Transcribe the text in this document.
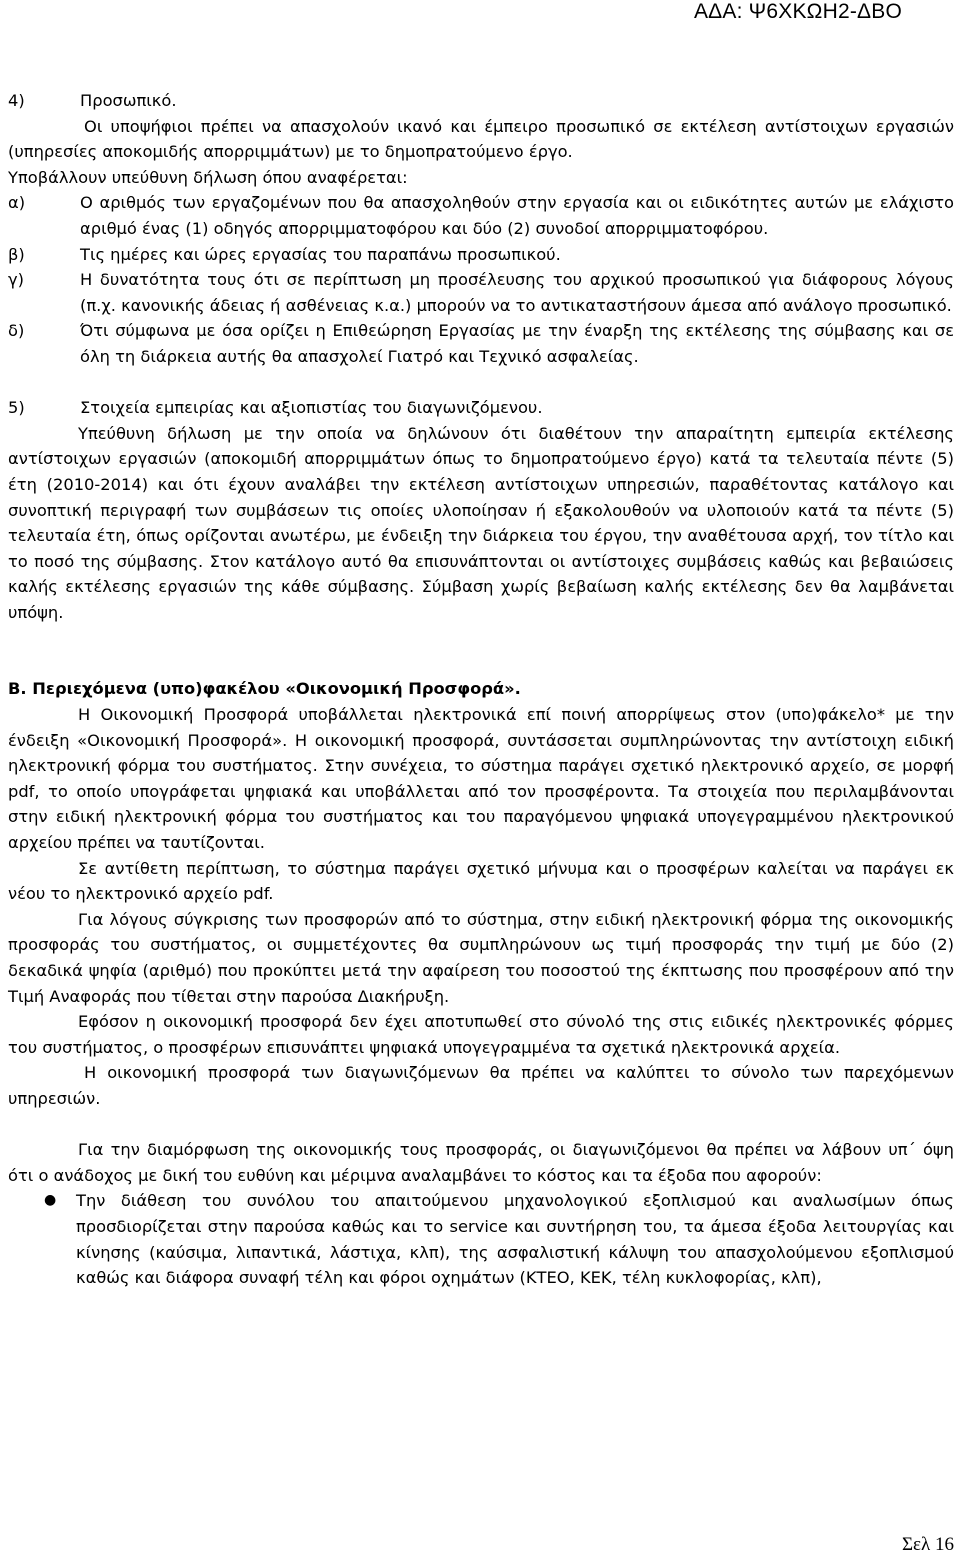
ΑΔΑ: Ψ6ΧΚΩΗ2-ΔΒΟ
4)	Προσωπικό.

Οι υποψήφιοι πρέπει να απασχολούν ικανό και έμπειρο προσωπικό σε εκτέλεση αντίστοιχων εργασιών (υπηρεσίες αποκομιδής απορριμμάτων) με το δημοπρατούμενο έργο.

Υποβάλλουν υπεύθυνη δήλωση όπου αναφέρεται:

α)	Ο αριθμός των εργαζομένων που θα απασχοληθούν στην εργασία και οι ειδικότητες αυτών με ελάχιστο αριθμό ένας (1) οδηγός απορριμματοφόρου και δύο (2) συνοδοί απορριμματοφόρου.
β)	Τις ημέρες και ώρες εργασίας του παραπάνω προσωπικού.
γ)	Η δυνατότητα τους ότι σε περίπτωση μη προσέλευσης του αρχικού προσωπικού για διάφορους λόγους (π.χ. κανονικής άδειας ή ασθένειας κ.α.) μπορούν να το αντικαταστήσουν άμεσα από ανάλογο προσωπικό.
δ)	Ότι σύμφωνα με όσα ορίζει η Επιθεώρηση Εργασίας με την έναρξη της εκτέλεσης της σύμβασης και σε όλη τη διάρκεια αυτής θα απασχολεί Γιατρό και Τεχνικό ασφαλείας.
5)	Στοιχεία εμπειρίας και αξιοπιστίας του διαγωνιζόμενου.

Υπεύθυνη δήλωση με την οποία να δηλώνουν ότι διαθέτουν την απαραίτητη εμπειρία εκτέλεσης αντίστοιχων εργασιών (αποκομιδή απορριμμάτων όπως το δημοπρατούμενο έργο) κατά τα τελευταία πέντε (5) έτη (2010-2014) και ότι έχουν αναλάβει την εκτέλεση αντίστοιχων υπηρεσιών, παραθέτοντας κατάλογο και συνοπτική περιγραφή των συμβάσεων τις οποίες υλοποίησαν ή εξακολουθούν να υλοποιούν κατά τα πέντε (5) τελευταία έτη, όπως ορίζονται ανωτέρω, με ένδειξη την διάρκεια του έργου, την αναθέτουσα αρχή, τον τίτλο και το ποσό της σύμβασης. Στον κατάλογο αυτό θα επισυνάπτονται οι αντίστοιχες συμβάσεις καθώς και βεβαιώσεις καλής εκτέλεσης εργασιών της κάθε σύμβασης. Σύμβαση χωρίς βεβαίωση καλής εκτέλεσης δεν θα λαμβάνεται υπόψη.

Β. Περιεχόμενα (υπο)φακέλου «Οικονομική Προσφορά».

Η Οικονομική Προσφορά υποβάλλεται ηλεκτρονικά επί ποινή απορρίψεως στον (υπο)φάκελο* με την ένδειξη «Οικονομική Προσφορά». Η οικονομική προσφορά, συντάσσεται συμπληρώνοντας την αντίστοιχη ειδική ηλεκτρονική φόρμα του συστήματος. Στην συνέχεια, το σύστημα παράγει σχετικό ηλεκτρονικό αρχείο, σε μορφή pdf, το οποίο υπογράφεται ψηφιακά και υποβάλλεται από τον προσφέροντα. Τα στοιχεία που περιλαμβάνονται στην ειδική ηλεκτρονική φόρμα του συστήματος και του παραγόμενου ψηφιακά υπογεγραμμένου ηλεκτρονικού αρχείου πρέπει να ταυτίζονται.

Σε αντίθετη περίπτωση, το σύστημα παράγει σχετικό μήνυμα και ο προσφέρων καλείται να παράγει εκ νέου το ηλεκτρονικό αρχείο pdf.

Για λόγους σύγκρισης των προσφορών από το σύστημα, στην ειδική ηλεκτρονική φόρμα της οικονομικής προσφοράς του συστήματος, οι συμμετέχοντες θα συμπληρώνουν ως τιμή προσφοράς την τιμή με δύο (2) δεκαδικά ψηφία (αριθμό) που προκύπτει μετά την αφαίρεση του ποσοστού της έκπτωσης που προσφέρουν από την Τιμή Αναφοράς που τίθεται στην παρούσα Διακήρυξη.

Εφόσον η οικονομική προσφορά δεν έχει αποτυπωθεί στο σύνολό της στις ειδικές ηλεκτρονικές φόρμες του συστήματος, ο προσφέρων επισυνάπτει ψηφιακά υπογεγραμμένα τα σχετικά ηλεκτρονικά αρχεία.

Η οικονομική προσφορά των διαγωνιζόμενων θα πρέπει να καλύπτει το σύνολο των παρεχόμενων υπηρεσιών.

Για την διαμόρφωση της οικονομικής τους προσφοράς, οι διαγωνιζόμενοι θα πρέπει να λάβουν υπ΄ όψη ότι ο ανάδοχος με δική του ευθύνη και μέριμνα αναλαμβάνει το κόστος και τα έξοδα που αφορούν:

●	Την διάθεση του συνόλου του απαιτούμενου μηχανολογικού εξοπλισμού και αναλωσίμων όπως προσδιορίζεται στην παρούσα καθώς και το service και συντήρηση του, τα άμεσα έξοδα λειτουργίας και κίνησης (καύσιμα, λιπαντικά, λάστιχα, κλπ), της ασφαλιστική κάλυψη του απασχολούμενου εξοπλισμού καθώς και διάφορα συναφή τέλη και φόροι οχημάτων (ΚΤΕΟ, ΚΕΚ, τέλη κυκλοφορίας, κλπ),
Σελ 16
